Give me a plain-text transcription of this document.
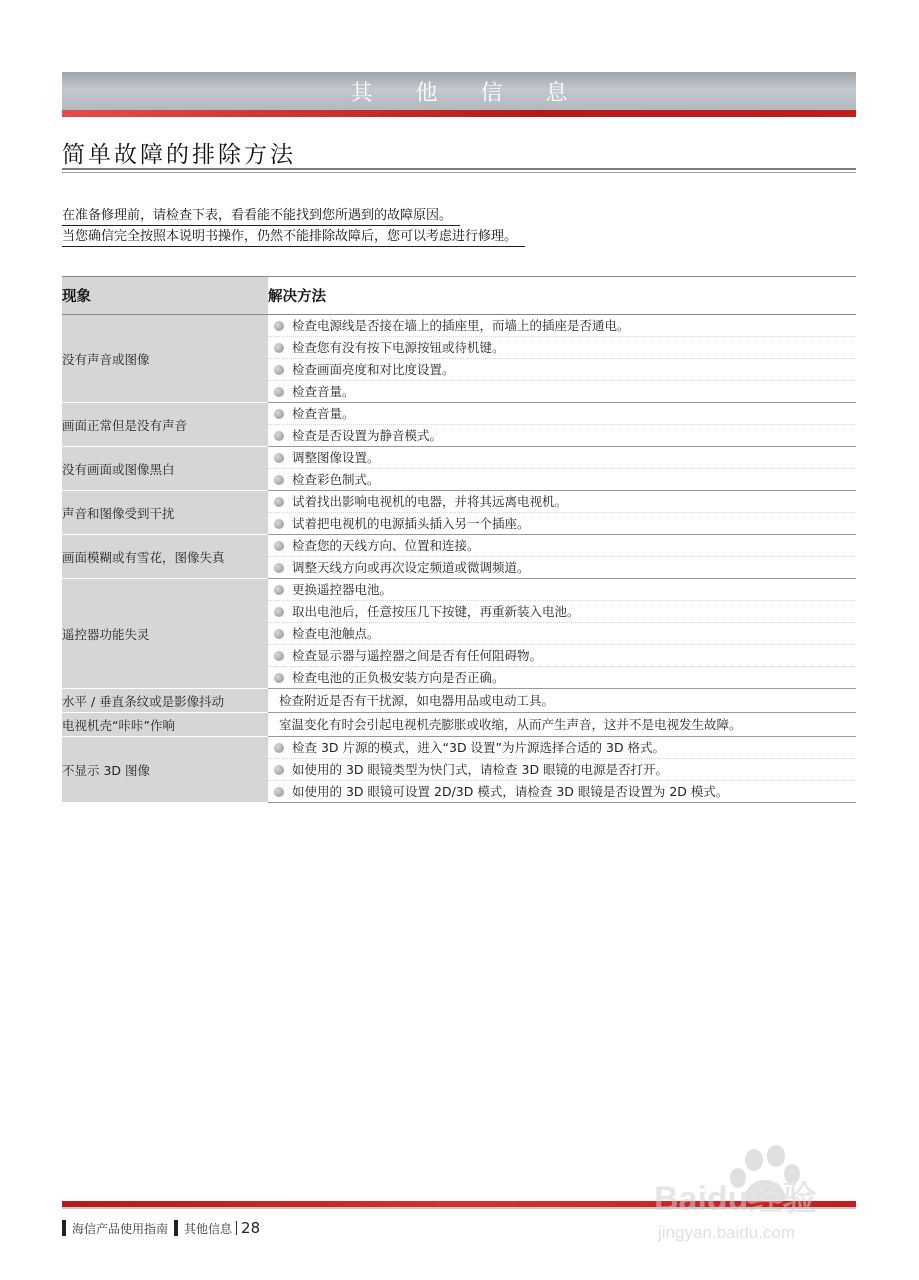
其 他 信 息
简单故障的排除方法
在准备修理前，请检查下表，看看能不能找到您所遇到的故障原因。
当您确信完全按照本说明书操作，仍然不能排除故障后，您可以考虑进行修理。
现象	解决方法
没有声音或图像	检查电源线是否接在墙上的插座里，而墙上的插座是否通电。
检查您有没有按下电源按钮或待机键。
检查画面亮度和对比度设置。
检查音量。

画面正常但是没有声音	检查音量。
检查是否设置为静音模式。

没有画面或图像黑白	调整图像设置。
检查彩色制式。

声音和图像受到干扰	试着找出影响电视机的电器，并将其远离电视机。
试着把电视机的电源插头插入另一个插座。

画面模糊或有雪花，图像失真	检查您的天线方向、位置和连接。
调整天线方向或再次设定频道或微调频道。

遥控器功能失灵	更换遥控器电池。
取出电池后，任意按压几下按键，再重新装入电池。
检查电池触点。
检查显示器与遥控器之间是否有任何阻碍物。
检查电池的正负极安装方向是否正确。

水平 / 垂直条纹或是影像抖动	检查附近是否有干扰源，如电器用品或电动工具。

电视机壳“咔咔”作响	室温变化有时会引起电视机壳膨胀或收缩，从而产生声音，这并不是电视发生故障。

不显示 3D 图像	检查 3D 片源的模式，进入“3D 设置”为片源选择合适的 3D 格式。
如使用的 3D 眼镜类型为快门式，请检查 3D 眼镜的电源是否打开。
如使用的 3D 眼镜可设置 2D/3D 模式，请检查 3D 眼镜是否设置为 2D 模式。
海信产品使用指南 其他信息 28
Baidu经验
jingyan.baidu.com
